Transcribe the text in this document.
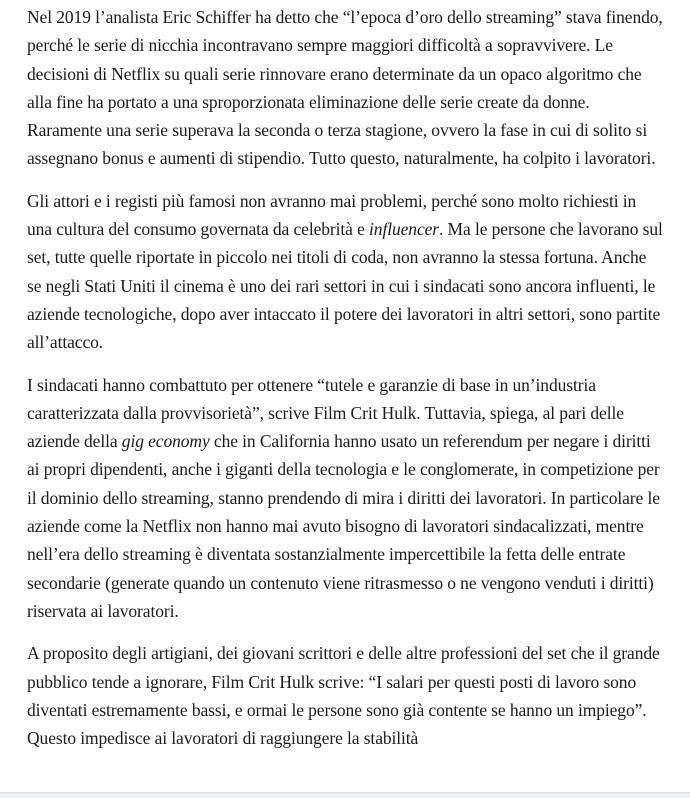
Nel 2019 l’analista Eric Schiffer ha detto che “l’epoca d’oro dello streaming” stava finendo, perché le serie di nicchia incontravano sempre maggiori difficoltà a sopravvivere. Le decisioni di Netflix su quali serie rinnovare erano determinate da un opaco algoritmo che alla fine ha portato a una sproporzionata eliminazione delle serie create da donne. Raramente una serie superava la seconda o terza stagione, ovvero la fase in cui di solito si assegnano bonus e aumenti di stipendio. Tutto questo, naturalmente, ha colpito i lavoratori.

Gli attori e i registi più famosi non avranno mai problemi, perché sono molto richiesti in una cultura del consumo governata da celebrità e influencer. Ma le persone che lavorano sul set, tutte quelle riportate in piccolo nei titoli di coda, non avranno la stessa fortuna. Anche se negli Stati Uniti il cinema è uno dei rari settori in cui i sindacati sono ancora influenti, le aziende tecnologiche, dopo aver intaccato il potere dei lavoratori in altri settori, sono partite all’attacco.

I sindacati hanno combattuto per ottenere “tutele e garanzie di base in un’industria caratterizzata dalla provvisorietà”, scrive Film Crit Hulk. Tuttavia, spiega, al pari delle aziende della gig economy che in California hanno usato un referendum per negare i diritti ai propri dipendenti, anche i giganti della tecnologia e le conglomerate, in competizione per il dominio dello streaming, stanno prendendo di mira i diritti dei lavoratori. In particolare le aziende come la Netflix non hanno mai avuto bisogno di lavoratori sindacalizzati, mentre nell’era dello streaming è diventata sostanzialmente impercettibile la fetta delle entrate secondarie (generate quando un contenuto viene ritrasmesso o ne vengono venduti i diritti) riservata ai lavoratori.

A proposito degli artigiani, dei giovani scrittori e delle altre professioni del set che il grande pubblico tende a ignorare, Film Crit Hulk scrive: “I salari per questi posti di lavoro sono diventati estremamente bassi, e ormai le persone sono già contente se hanno un impiego”. Questo impedisce ai lavoratori di raggiungere la stabilità
